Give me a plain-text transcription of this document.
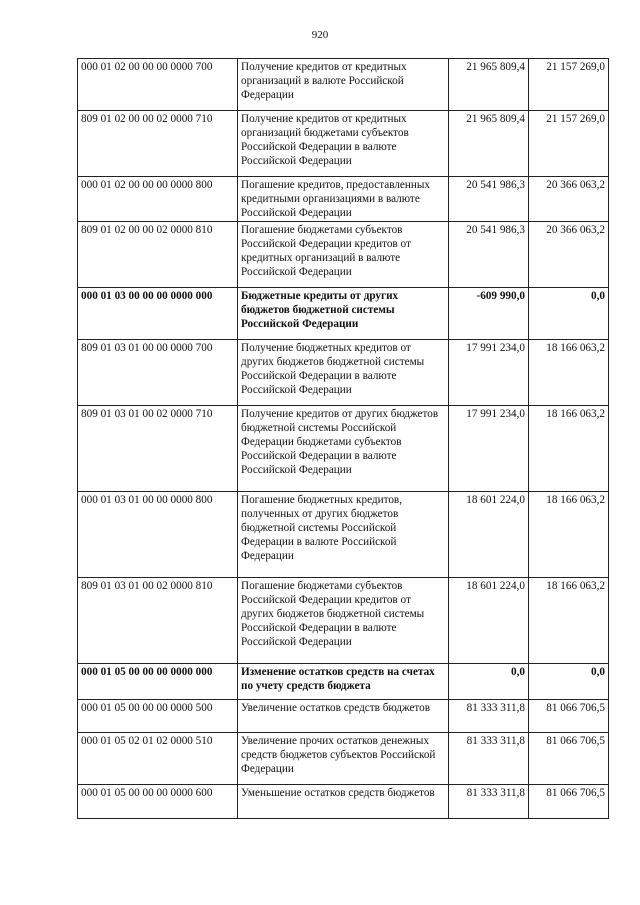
920
000 01 02 00 00 00 0000 700	Получение кредитов от кредитных организаций в валюте Российской Федерации	21 965 809,4	21 157 269,0
809 01 02 00 00 02 0000 710	Получение кредитов от кредитных организаций бюджетами субъектов Российской Федерации в валюте Российской Федерации	21 965 809,4	21 157 269,0
000 01 02 00 00 00 0000 800	Погашение кредитов, предоставленных кредитными организациями в валюте Российской Федерации	20 541 986,3	20 366 063,2
809 01 02 00 00 02 0000 810	Погашение бюджетами субъектов Российской Федерации кредитов от кредитных организаций в валюте Российской Федерации	20 541 986,3	20 366 063,2
000 01 03 00 00 00 0000 000	Бюджетные кредиты от других бюджетов бюджетной системы Российской Федерации	-609 990,0	0,0
809 01 03 01 00 00 0000 700	Получение бюджетных кредитов от других бюджетов бюджетной системы Российской Федерации в валюте Российской Федерации	17 991 234,0	18 166 063,2
809 01 03 01 00 02 0000 710	Получение кредитов от других бюджетов бюджетной системы Российской Федерации бюджетами субъектов Российской Федерации в валюте Российской Федерации	17 991 234,0	18 166 063,2
000 01 03 01 00 00 0000 800	Погашение бюджетных кредитов, полученных от других бюджетов бюджетной системы Российской Федерации в валюте Российской Федерации	18 601 224,0	18 166 063,2
809 01 03 01 00 02 0000 810	Погашение бюджетами субъектов Российской Федерации кредитов от других бюджетов бюджетной системы Российской Федерации в валюте Российской Федерации	18 601 224,0	18 166 063,2
000 01 05 00 00 00 0000 000	Изменение остатков средств на счетах по учету средств бюджета	0,0	0,0
000 01 05 00 00 00 0000 500	Увеличение остатков средств бюджетов	81 333 311,8	81 066 706,5
000 01 05 02 01 02 0000 510	Увеличение прочих остатков денежных средств бюджетов субъектов Российской Федерации	81 333 311,8	81 066 706,5
000 01 05 00 00 00 0000 600	Уменьшение остатков средств бюджетов	81 333 311,8	81 066 706,5
